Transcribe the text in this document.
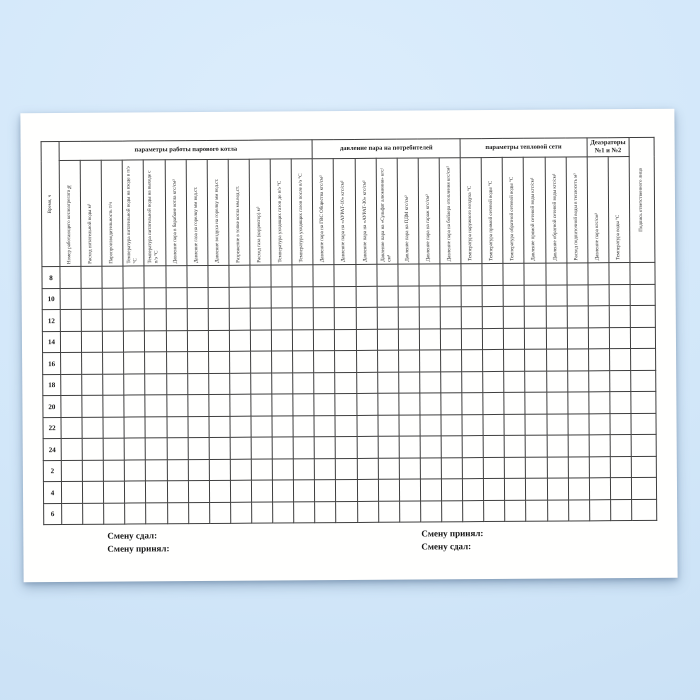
Время, ч	параметры работы парового котла												давление пара на потребителей							параметры тепловой сети						Деаэраторы №1 и №2		Подпись ответственного лица

	Номер работающего котлоагрегата №	Расход питательной воды м³	Паропроизводительность т/ч	Температура питательной воды на входе в п/э °С	Температура питательной воды на выходе с п/э °С	Давление пара в барабане котла кгс/см²	Давление газа на горелку мм вод.ст.	Давление воздуха на горелку мм вод.ст.	Разрежение в топке котла мм.вод.ст.	Расход газа (корректор) м³	Температура уходящих газов до в/э °С	Температура уходящих газов после в/э °С	Давление пара на ГВС Общества кгс/см²	Давление пара на «АУРАТ-10» кгс/см²	Давление пара на «АУРАТ-30» кгс/см²	Давление пара на «Сульфат алюминия» кгс/см²	Давление пара на ПДМ кгс/см²	Давление пара на гараж кгс/см²	Давление пара на бойлера отопления кгс/см²	Температура наружного воздуха °С	Температура прямой сетевой воды °С	Температура обратной сетевой воды °С	Давление прямой сетевой воды кгс/см²	Давление обратной сетевой воды кгс/см²	Расход подпиточной воды в теплосеть м³	Давление пара кгс/см²	Температура воды °С	

8																												
10																												
12																												
14																												
16																												
18																												
20																												
22																												
24																												
2																												
4																												
6																												
Смену сдал:
Смену принял:
Смену принял:
Смену сдал:
